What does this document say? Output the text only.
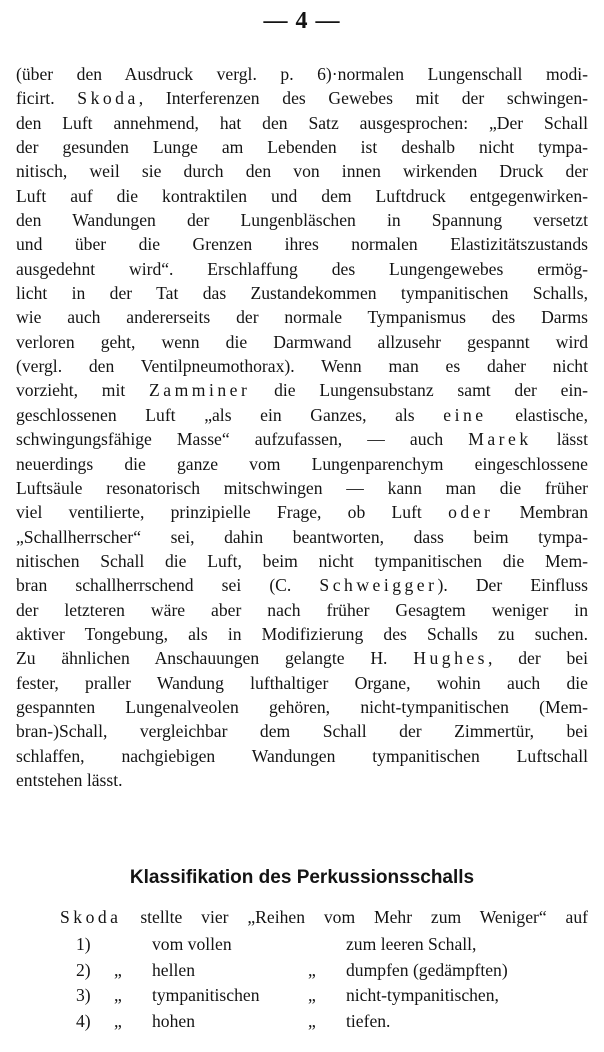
— 4 —
(über den Ausdruck vergl. p. 6)·normalen Lungenschall modi-
ficirt. Skoda, Interferenzen des Gewebes mit der schwingen-
den Luft annehmend, hat den Satz ausgesprochen: „Der Schall
der gesunden Lunge am Lebenden ist deshalb nicht tympa-
nitisch, weil sie durch den von innen wirkenden Druck der
Luft auf die kontraktilen und dem Luftdruck entgegenwirken-
den Wandungen der Lungenbläschen in Spannung versetzt
und über die Grenzen ihres normalen Elastizitätszustands
ausgedehnt wird“. Erschlaffung des Lungengewebes ermög-
licht in der Tat das Zustandekommen tympanitischen Schalls,
wie auch andererseits der normale Tympanismus des Darms
verloren geht, wenn die Darmwand allzusehr gespannt wird
(vergl. den Ventilpneumothorax). Wenn man es daher nicht
vorzieht, mit Zamminer die Lungensubstanz samt der ein-
geschlossenen Luft „als ein Ganzes, als eine elastische,
schwingungsfähige Masse“ aufzufassen, — auch Marek lässt
neuerdings die ganze vom Lungenparenchym eingeschlossene
Luftsäule resonatorisch mitschwingen — kann man die früher
viel ventilierte, prinzipielle Frage, ob Luft oder Membran
„Schallherrscher“ sei, dahin beantworten, dass beim tympa-
nitischen Schall die Luft, beim nicht tympanitischen die Mem-
bran schallherrschend sei (C. Schweigger). Der Einfluss
der letzteren wäre aber nach früher Gesagtem weniger in
aktiver Tongebung, als in Modifizierung des Schalls zu suchen.
Zu ähnlichen Anschauungen gelangte H. Hughes, der bei
fester, praller Wandung lufthaltiger Organe, wohin auch die
gespannten Lungenalveolen gehören, nicht-tympanitischen (Mem-
bran-)Schall, vergleichbar dem Schall der Zimmertür, bei
schlaffen, nachgiebigen Wandungen tympanitischen Luftschall
entstehen lässt.
Klassifikation des Perkussionsschalls
Skoda stellte vier „Reihen vom Mehr zum Weniger“ auf
1)	vom vollen	zum leeren Schall,
2) „ hellen	„ dumpfen (gedämpften)
3) „ tympanitischen	„ nicht-tympanitischen,
4) „ hohen	„ tiefen.
